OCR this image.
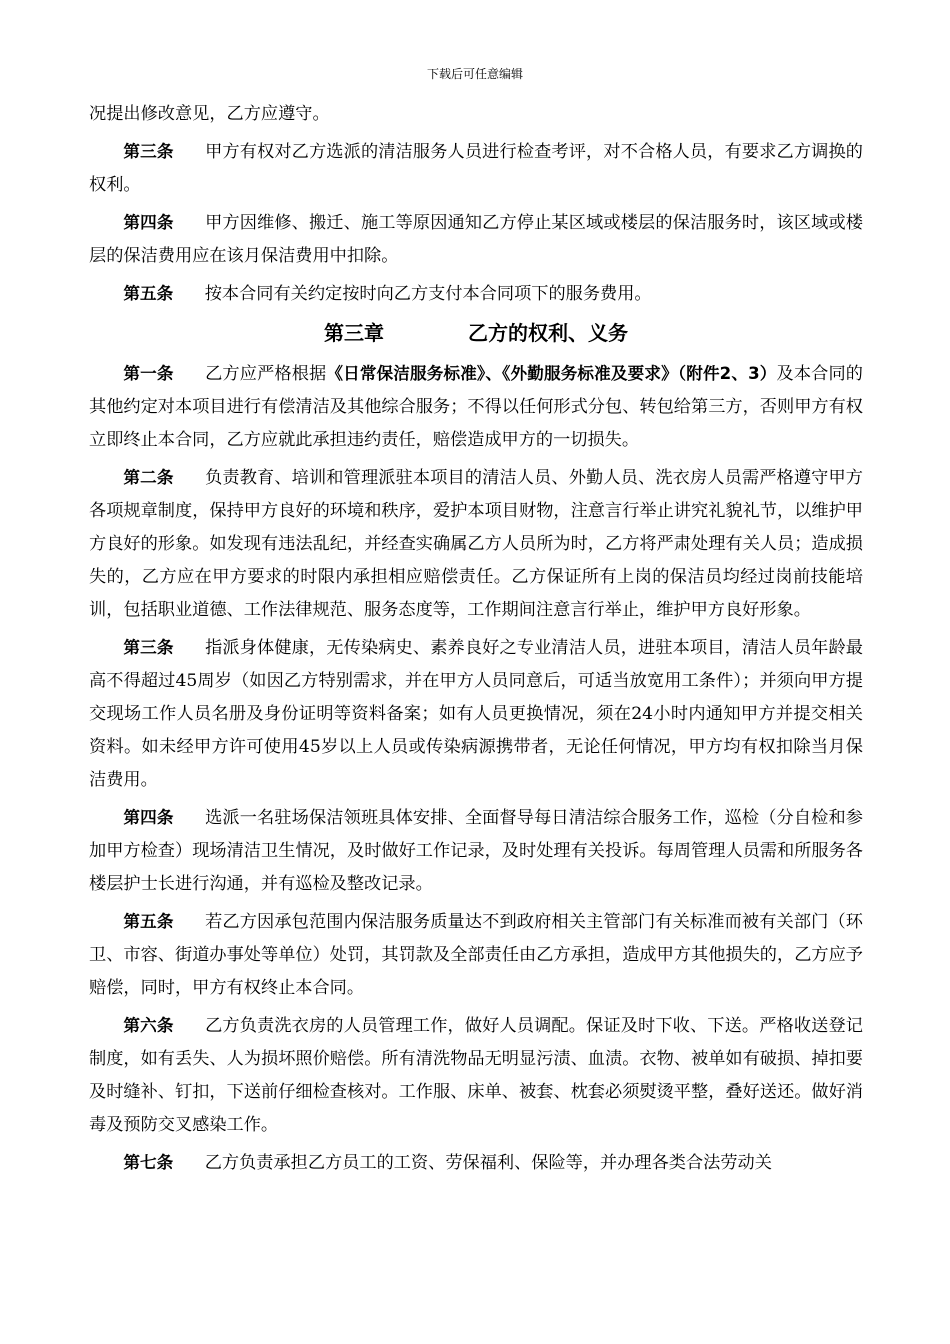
下载后可任意编辑

况提出修改意见，乙方应遵守。

第三条 甲方有权对乙方选派的清洁服务人员进行检查考评，对不合格人员，有要求乙方调换的权利。

第四条 甲方因维修、搬迁、施工等原因通知乙方停止某区域或楼层的保洁服务时，该区域或楼层的保洁费用应在该月保洁费用中扣除。

第五条 按本合同有关约定按时向乙方支付本合同项下的服务费用。

第三章	乙方的权利、义务

第一条 乙方应严格根据《日常保洁服务标准》、《外勤服务标准及要求》（附件2、3）及本合同的其他约定对本项目进行有偿清洁及其他综合服务；不得以任何形式分包、转包给第三方，否则甲方有权立即终止本合同，乙方应就此承担违约责任，赔偿造成甲方的一切损失。

第二条 负责教育、培训和管理派驻本项目的清洁人员、外勤人员、洗衣房人员需严格遵守甲方各项规章制度，保持甲方良好的环境和秩序，爱护本项目财物，注意言行举止讲究礼貌礼节，以维护甲方良好的形象。如发现有违法乱纪，并经查实确属乙方人员所为时，乙方将严肃处理有关人员；造成损失的，乙方应在甲方要求的时限内承担相应赔偿责任。乙方保证所有上岗的保洁员均经过岗前技能培训，包括职业道德、工作法律规范、服务态度等，工作期间注意言行举止，维护甲方良好形象。

第三条 指派身体健康，无传染病史、素养良好之专业清洁人员，进驻本项目，清洁人员年龄最高不得超过45周岁（如因乙方特别需求，并在甲方人员同意后，可适当放宽用工条件）；并须向甲方提交现场工作人员名册及身份证明等资料备案；如有人员更换情况，须在24小时内通知甲方并提交相关资料。如未经甲方许可使用45岁以上人员或传染病源携带者，无论任何情况，甲方均有权扣除当月保洁费用。

第四条 选派一名驻场保洁领班具体安排、全面督导每日清洁综合服务工作，巡检（分自检和参加甲方检查）现场清洁卫生情况，及时做好工作记录，及时处理有关投诉。每周管理人员需和所服务各楼层护士长进行沟通，并有巡检及整改记录。

第五条 若乙方因承包范围内保洁服务质量达不到政府相关主管部门有关标准而被有关部门（环卫、市容、街道办事处等单位）处罚，其罚款及全部责任由乙方承担，造成甲方其他损失的，乙方应予赔偿，同时，甲方有权终止本合同。

第六条 乙方负责洗衣房的人员管理工作，做好人员调配。保证及时下收、下送。严格收送登记制度，如有丢失、人为损坏照价赔偿。所有清洗物品无明显污渍、血渍。衣物、被单如有破损、掉扣要及时缝补、钉扣，下送前仔细检查核对。工作服、床单、被套、枕套必须熨烫平整，叠好送还。做好消毒及预防交叉感染工作。

第七条 乙方负责承担乙方员工的工资、劳保福利、保险等，并办理各类合法劳动关
